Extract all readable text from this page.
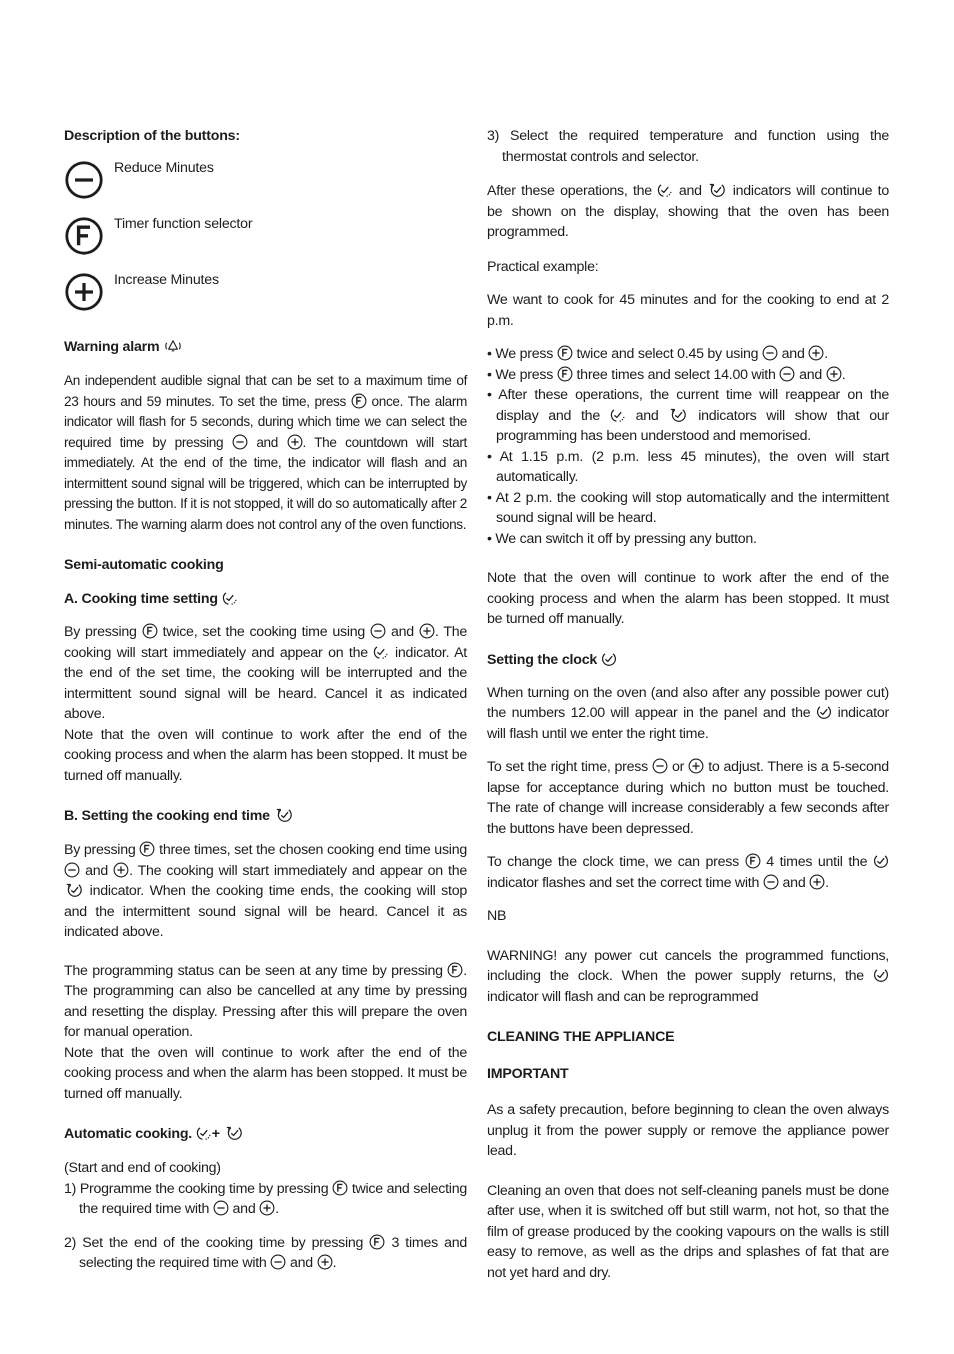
Description of the buttons:
Reduce Minutes
Timer function selector
Increase Minutes
Warning alarm

An independent audible signal that can be set to a maximum time of 23 hours and 59 minutes. To set the time, press once. The alarm indicator will flash for 5 seconds, during which time we can select the required time by pressing and . The countdown will start immediately. At the end of the time, the indicator will flash and an intermittent sound signal will be triggered, which can be interrupted by pressing the button. If it is not stopped, it will do so automatically after 2 minutes. The warning alarm does not control any of the oven functions.

Semi-automatic cooking
A. Cooking time setting

By pressing twice, set the cooking time using and . The cooking will start immediately and appear on the indicator. At the end of the set time, the cooking will be interrupted and the intermittent sound signal will be heard. Cancel it as indicated above.

Note that the oven will continue to work after the end of the cooking process and when the alarm has been stopped. It must be turned off manually.

B. Setting the cooking end time

By pressing three times, set the chosen cooking end time using
and . The cooking will start immediately and appear on the
indicator. When the cooking time ends, the cooking will stop and the intermittent sound signal will be heard. Cancel it as indicated above.

The programming status can be seen at any time by pressing . The programming can also be cancelled at any time by pressing and resetting the display. Pressing after this will prepare the oven for manual operation.

Note that the oven will continue to work after the end of the cooking process and when the alarm has been stopped. It must be turned off manually.

Automatic cooking. +

(Start and end of cooking)

1) Programme the cooking time by pressing twice and selecting the required time with and .

2) Set the end of the cooking time by pressing 3 times and selecting the required time with and .

3) Select the required temperature and function using the thermostat controls and selector.

After these operations, the and indicators will continue to be shown on the display, showing that the oven has been programmed.

Practical example:

We want to cook for 45 minutes and for the cooking to end at 2 p.m.

• We press twice and select 0.45 by using and .

• We press three times and select 14.00 with and .

• After these operations, the current time will reappear on the display and the	and	indicators will show that our programming has been understood and memorised.

• At 1.15 p.m. (2 p.m. less 45 minutes), the oven will start automatically.

• At 2 p.m. the cooking will stop automatically and the intermittent sound signal will be heard.

• We can switch it off by pressing any button.

Note that the oven will continue to work after the end of the cooking process and when the alarm has been stopped. It must be turned off manually.

Setting the clock

When turning on the oven (and also after any possible power cut) the numbers 12.00 will appear in the panel and the indicator will flash until we enter the right time.

To set the right time, press or to adjust. There is a 5-second lapse for acceptance during which no button must be touched. The rate of change will increase considerably a few seconds after the buttons have been depressed.

To change the clock time, we can press 4 times until the
indicator flashes and set the correct time with and .

NB

WARNING! any power cut cancels the programmed functions, including the clock. When the power supply returns, the
indicator will flash and can be reprogrammed

CLEANING THE APPLIANCE
IMPORTANT

As a safety precaution, before beginning to clean the oven always unplug it from the power supply or remove the appliance power lead.

Cleaning an oven that does not self-cleaning panels must be done after use, when it is switched off but still warm, not hot, so that the film of grease produced by the cooking vapours on the walls is still easy to remove, as well as the drips and splashes of fat that are not yet hard and dry.
